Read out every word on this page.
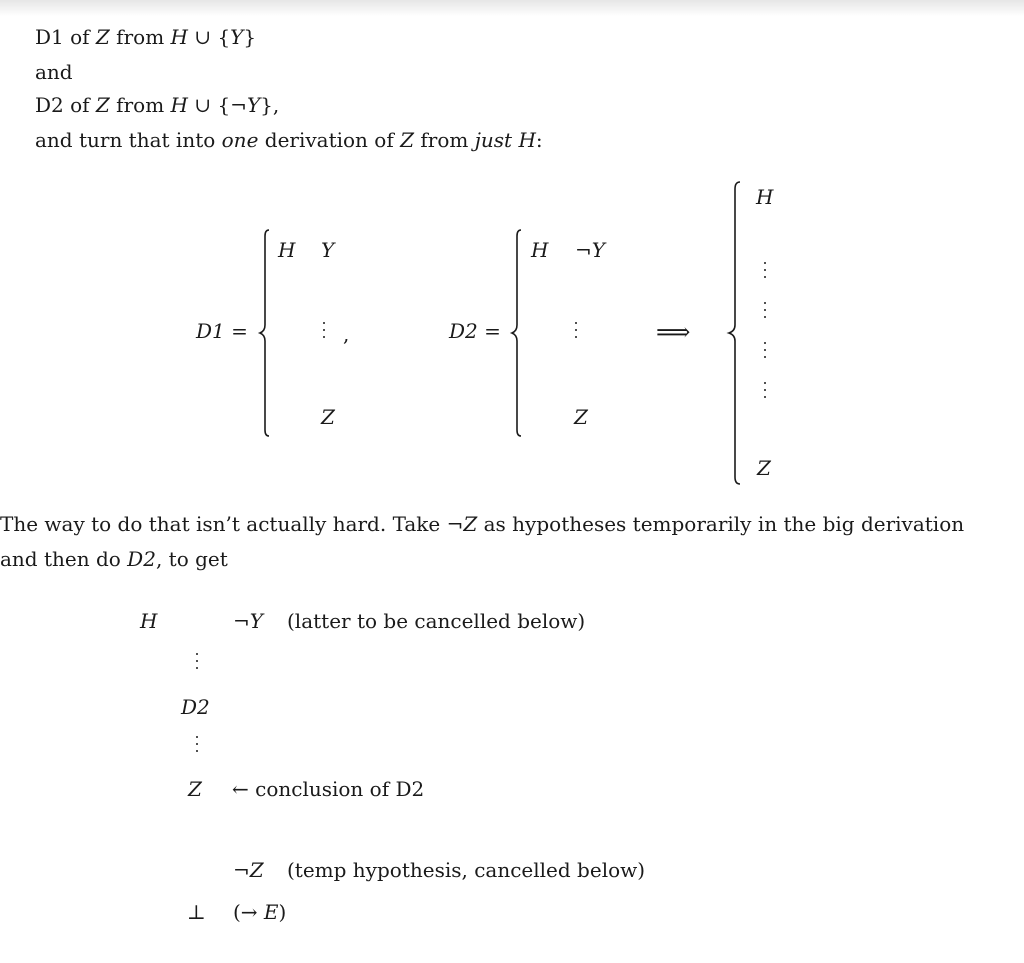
D1 of Z from H ∪ {Y}
and
D2 of Z from H ∪ {¬Y},
and turn that into one derivation of Z from just H:
D1 =
H Y
,
Z
D2 =
H ¬Y
Z
⟹
H
Z
The way to do that isn’t actually hard. Take ¬Z as hypotheses temporarily in the big derivation
and then do D2, to get
H	¬Y (latter to be cancelled below)
D2
Z ← conclusion of D2
¬Z (temp hypothesis, cancelled below)
⊥ (→ E)
